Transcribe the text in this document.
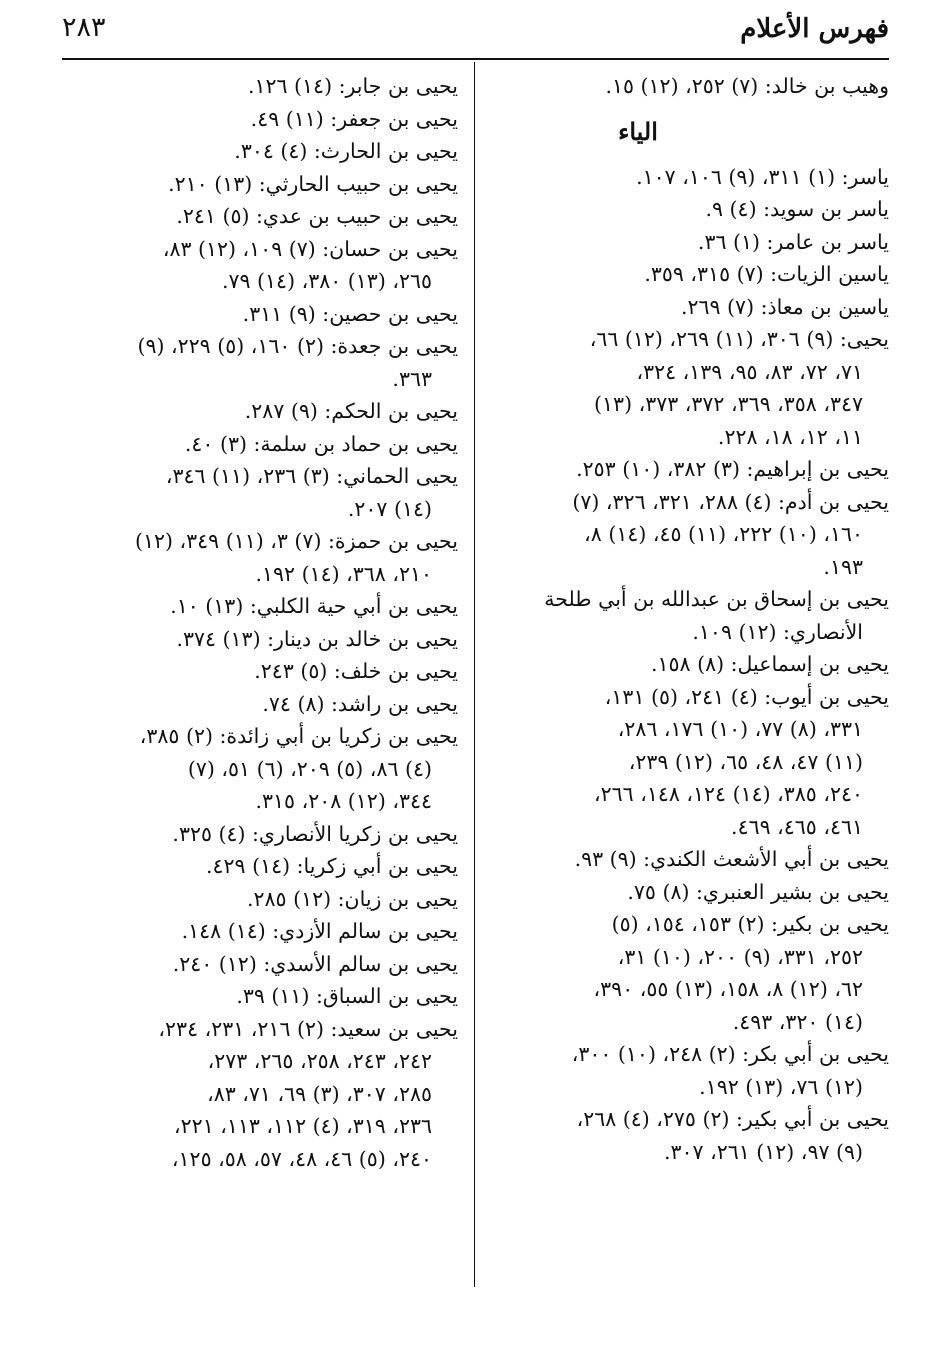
فهرس الأعلام
٢٨٣
وهيب بن خالد: (٧) ٢٥٢، (١٢) ١٥.
الياء
ياسر: (١) ٣١١، (٩) ١٠٦، ١٠٧.
ياسر بن سويد: (٤) ٩.
ياسر بن عامر: (١) ٣٦.
ياسين الزيات: (٧) ٣١٥، ٣٥٩.
ياسين بن معاذ: (٧) ٢٦٩.
يحيى: (٩) ٣٠٦، (١١) ٢٦٩، (١٢) ٦٦،
٧١، ٧٢، ٨٣، ٩٥، ١٣٩، ٣٢٤،
٣٤٧، ٣٥٨، ٣٦٩، ٣٧٢، ٣٧٣، (١٣)
١١، ١٢، ١٨، ٢٢٨.
يحيى بن إبراهيم: (٣) ٣٨٢، (١٠) ٢٥٣.
يحيى بن أدم: (٤) ٢٨٨، ٣٢١، ٣٢٦، (٧)
١٦٠، (١٠) ٢٢٢، (١١) ٤٥، (١٤) ٨،
١٩٣.
يحيى بن إسحاق بن عبدالله بن أبي طلحة
الأنصاري: (١٢) ١٠٩.
يحيى بن إسماعيل: (٨) ١٥٨.
يحيى بن أيوب: (٤) ٢٤١، (٥) ١٣١،
٣٣١، (٨) ٧٧، (١٠) ١٧٦، ٢٨٦،
(١١) ٤٧، ٤٨، ٦٥، (١٢) ٢٣٩،
٢٤٠، ٣٨٥، (١٤) ١٢٤، ١٤٨، ٢٦٦،
٤٦١، ٤٦٥، ٤٦٩.
يحيى بن أبي الأشعث الكندي: (٩) ٩٣.
يحيى بن بشير العنبري: (٨) ٧٥.
يحيى بن بكير: (٢) ١٥٣، ١٥٤، (٥)
٢٥٢، ٣٣١، (٩) ٢٠٠، (١٠) ٣١،
٦٢، (١٢) ٨، ١٥٨، (١٣) ٥٥، ٣٩٠،
(١٤) ٣٢٠، ٤٩٣.
يحيى بن أبي بكر: (٢) ٢٤٨، (١٠) ٣٠٠،
(١٢) ٧٦، (١٣) ١٩٢.
يحيى بن أبي بكير: (٢) ٢٧٥، (٤) ٢٦٨،
(٩) ٩٧، (١٢) ٢٦١، ٣٠٧.
يحيى بن جابر: (١٤) ١٢٦.
يحيى بن جعفر: (١١) ٤٩.
يحيى بن الحارث: (٤) ٣٠٤.
يحيى بن حبيب الحارثي: (١٣) ٢١٠.
يحيى بن حبيب بن عدي: (٥) ٢٤١.
يحيى بن حسان: (٧) ١٠٩، (١٢) ٨٣،
٢٦٥، (١٣) ٣٨٠، (١٤) ٧٩.
يحيى بن حصين: (٩) ٣١١.
يحيى بن جعدة: (٢) ١٦٠، (٥) ٢٢٩، (٩)
٣٦٣.
يحيى بن الحكم: (٩) ٢٨٧.
يحيى بن حماد بن سلمة: (٣) ٤٠.
يحيى الحماني: (٣) ٢٣٦، (١١) ٣٤٦،
(١٤) ٢٠٧.
يحيى بن حمزة: (٧) ٣، (١١) ٣٤٩، (١٢)
٢١٠، ٣٦٨، (١٤) ١٩٢.
يحيى بن أبي حية الكلبي: (١٣) ١٠.
يحيى بن خالد بن دينار: (١٣) ٣٧٤.
يحيى بن خلف: (٥) ٢٤٣.
يحيى بن راشد: (٨) ٧٤.
يحيى بن زكريا بن أبي زائدة: (٢) ٣٨٥،
(٤) ٨٦، (٥) ٢٠٩، (٦) ٥١، (٧)
٣٤٤، (١٢) ٢٠٨، ٣١٥.
يحيى بن زكريا الأنصاري: (٤) ٣٢٥.
يحيى بن أبي زكريا: (١٤) ٤٢٩.
يحيى بن زيان: (١٢) ٢٨٥.
يحيى بن سالم الأزدي: (١٤) ١٤٨.
يحيى بن سالم الأسدي: (١٢) ٢٤٠.
يحيى بن السباق: (١١) ٣٩.
يحيى بن سعيد: (٢) ٢١٦، ٢٣١، ٢٣٤،
٢٤٢، ٢٤٣، ٢٥٨، ٢٦٥، ٢٧٣،
٢٨٥، ٣٠٧، (٣) ٦٩، ٧١، ٨٣،
٢٣٦، ٣١٩، (٤) ١١٢، ١١٣، ٢٢١،
٢٤٠، (٥) ٤٦، ٤٨، ٥٧، ٥٨، ١٢٥،
